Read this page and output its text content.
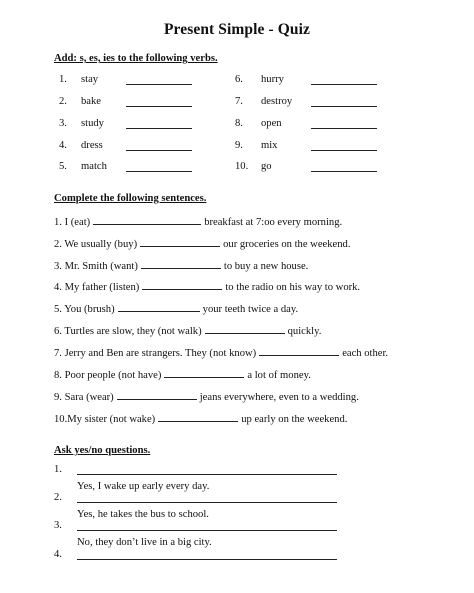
Present Simple - Quiz
Add: s, es, ies to the following verbs.
1. stay
2. bake
3. study
4. dress
5. match
6. hurry
7. destroy
8. open
9. mix
10. go
Complete the following sentences.
1. I (eat)	breakfast at 7:oo every morning.
2. We usually (buy)	our groceries on the weekend.
3. Mr. Smith (want)	to buy a new house.
4. My father (listen)	to the radio on his way to work.
5. You (brush)	your teeth twice a day.
6. Turtles are slow, they (not walk)	quickly.
7. Jerry and Ben are strangers. They (not know)	each other.
8. Poor people (not have)	a lot of money.
9. Sara (wear)	jeans everywhere, even to a wedding.
10.My sister (not wake)	up early on the weekend.
Ask yes/no questions.
1.
Yes, I wake up early every day.
2.
Yes, he takes the bus to school.
3.
No, they don’t live in a big city.
4.
